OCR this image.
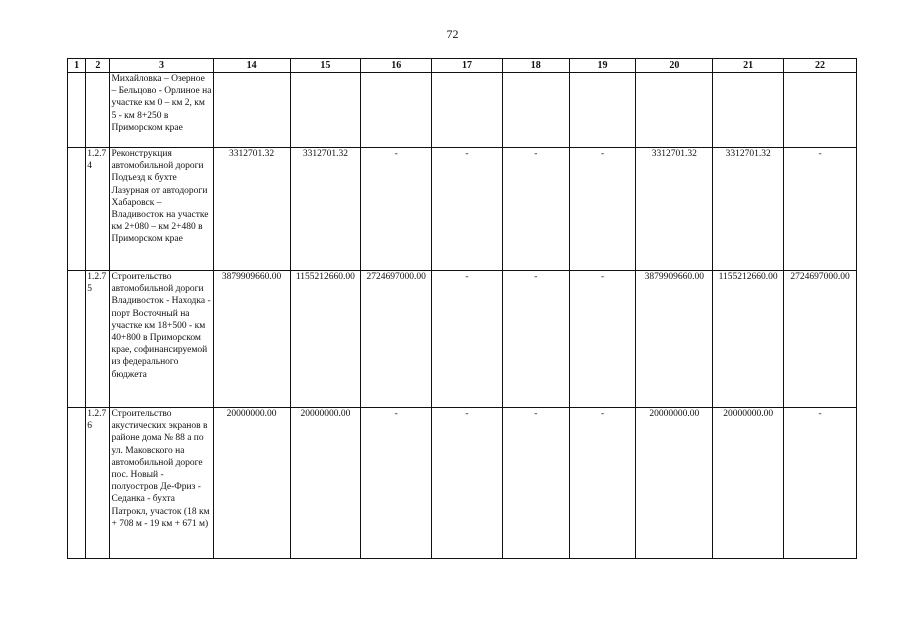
72
1	2	3	14	15	16	17	18	19	20	21	22
		Михайловка – Озерное – Бельцово - Орлиное на участке км 0 – км 2, км 5 - км 8+250 в Приморском крае									
	1.2.7 4	Реконструкция автомобильной дороги Подъезд к бухте Лазурная от автодороги Хабаровск – Владивосток на участке км 2+080 – км 2+480 в Приморском крае	3312701.32	3312701.32	-	-	-	-	3312701.32	3312701.32	-
	1.2.7 5	Строительство автомобильной дороги Владивосток - Находка - порт Восточный на участке км 18+500 - км 40+800 в Приморском крае, софинансируемой из федерального бюджета	3879909660.00	1155212660.00	2724697000.00	-	-	-	3879909660.00	1155212660.00	2724697000.00
	1.2.7 6	Строительство акустических экранов в районе дома № 88 а по ул. Маковского на автомобильной дороге пос. Новый - полуостров Де-Фриз - Седанка - бухта Патрокл, участок (18 км + 708 м - 19 км + 671 м)	20000000.00	20000000.00	-	-	-	-	20000000.00	20000000.00	-
